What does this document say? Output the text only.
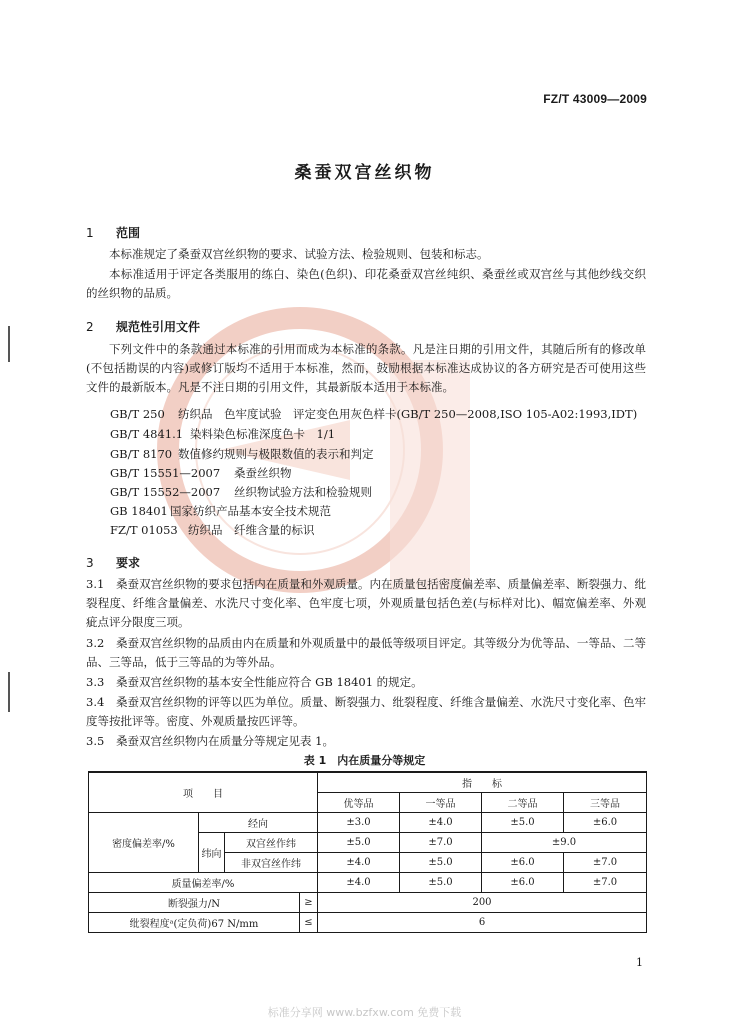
FZ/T 43009—2009
桑蚕双宫丝织物
1 范围
本标准规定了桑蚕双宫丝织物的要求、试验方法、检验规则、包装和标志。
本标准适用于评定各类服用的练白、染色(色织)、印花桑蚕双宫丝纯织、桑蚕丝或双宫丝与其他纱线交织的丝织物的品质。
2 规范性引用文件
下列文件中的条款通过本标准的引用而成为本标准的条款。凡是注日期的引用文件，其随后所有的修改单(不包括勘误的内容)或修订版均不适用于本标准，然而，鼓励根据本标准达成协议的各方研究是否可使用这些文件的最新版本。凡是不注日期的引用文件，其最新版本适用于本标准。
GB/T 250 纺织品　色牢度试验　评定变色用灰色样卡(GB/T 250—2008,ISO 105-A02:1993,IDT)
GB/T 4841.1 染料染色标准深度色卡　1/1
GB/T 8170 数值修约规则与极限数值的表示和判定
GB/T 15551—2007 桑蚕丝织物
GB/T 15552—2007 丝织物试验方法和检验规则
GB 18401 国家纺织产品基本安全技术规范
FZ/T 01053 纺织品　纤维含量的标识
3 要求
3.1 桑蚕双宫丝织物的要求包括内在质量和外观质量。内在质量包括密度偏差率、质量偏差率、断裂强力、纰裂程度、纤维含量偏差、水洗尺寸变化率、色牢度七项，外观质量包括色差(与标样对比)、幅宽偏差率、外观疵点评分限度三项。
3.2 桑蚕双宫丝织物的品质由内在质量和外观质量中的最低等级项目评定。其等级分为优等品、一等品、二等品、三等品，低于三等品的为等外品。
3.3 桑蚕双宫丝织物的基本安全性能应符合 GB 18401 的规定。
3.4 桑蚕双宫丝织物的评等以匹为单位。质量、断裂强力、纰裂程度、纤维含量偏差、水洗尺寸变化率、色牢度等按批评等。密度、外观质量按匹评等。
3.5 桑蚕双宫丝织物内在质量分等规定见表 1。
表 1　内在质量分等规定
项　　目				指　　标			
				优等品	一等品	二等品	三等品
密度偏差率/%	经向			±3.0	±4.0	±5.0	±6.0
	纬向	双宫丝作纬		±5.0	±7.0	±9.0	
		非双宫丝作纬		±4.0	±5.0	±6.0	±7.0
质量偏差率/%				±4.0	±5.0	±6.0	±7.0
断裂强力/N			≥	200			
纰裂程度ᵃ(定负荷)67 N/mm			≤	6			
1
标准分享网 www.bzfxw.com 免费下载
